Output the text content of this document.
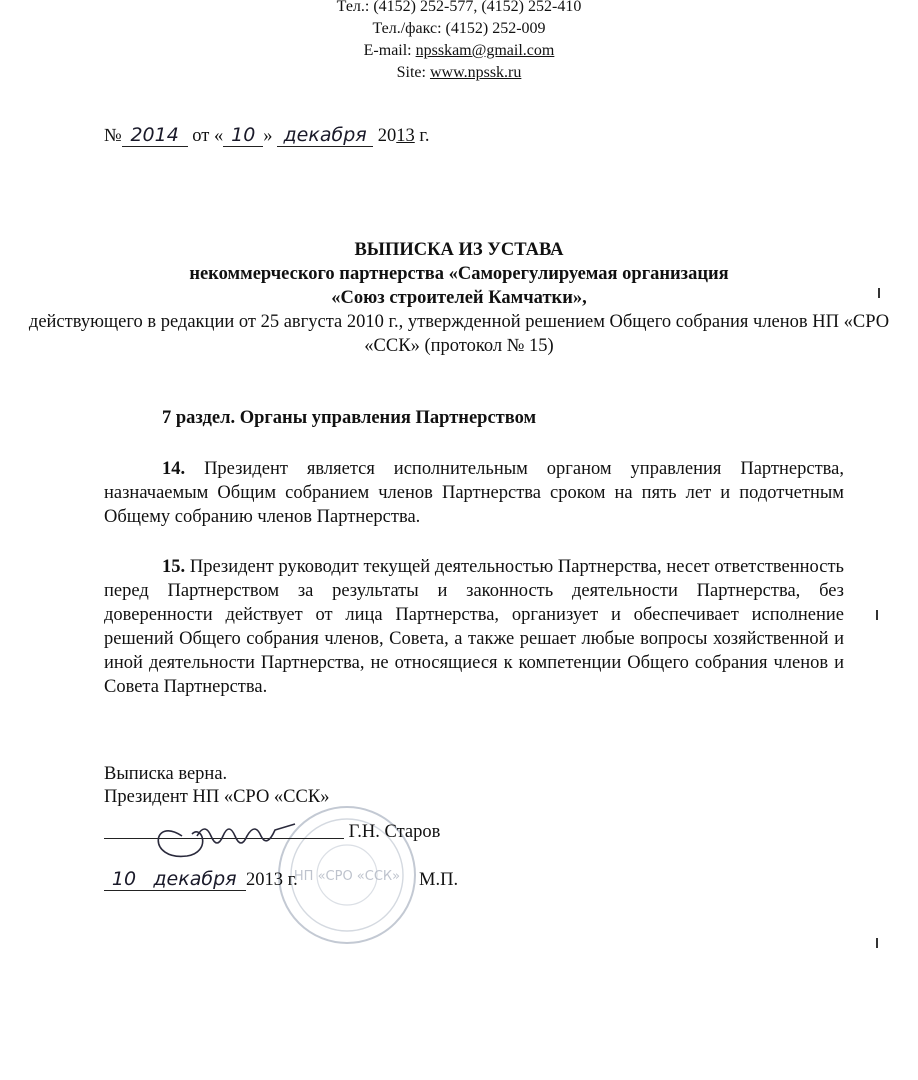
Тел.: (4152) 252-577, (4152) 252-410
Тел./факс: (4152) 252-009
E-mail: npsskam@gmail.com
Site: www.npssk.ru
№ 2014 от « 10 » декабря 2013 г.
ВЫПИСКА ИЗ УСТАВА
некоммерческого партнерства «Саморегулируемая организация
«Союз строителей Камчатки»,
действующего в редакции от 25 августа 2010 г., утвержденной решением Общего собрания членов НП «СРО «ССК» (протокол № 15)
7 раздел. Органы управления Партнерством
14. Президент является исполнительным органом управления Партнерства, назначаемым Общим собранием членов Партнерства сроком на пять лет и подотчетным Общему собранию членов Партнерства.
15. Президент руководит текущей деятельностью Партнерства, несет ответственность перед Партнерством за результаты и законность деятельности Партнерства, без доверенности действует от лица Партнерства, организует и обеспечивает исполнение решений Общего собрания членов, Совета, а также решает любые вопросы хозяйственной и иной деятельности Партнерства, не относящиеся к компетенции Общего собрания членов и Совета Партнерства.
НП «СРО «ССК»
Выписка верна.
Президент НП «СРО «ССК»
Г.Н. Старов
10 декабря 2013 г.	М.П.
